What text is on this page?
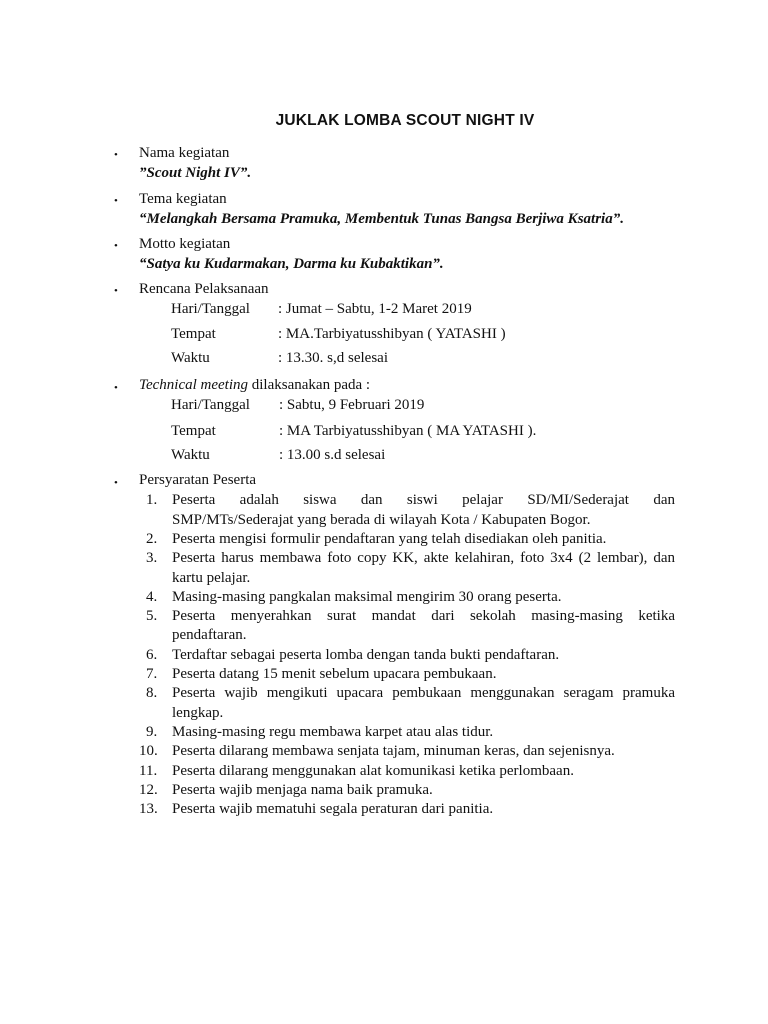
JUKLAK LOMBA SCOUT NIGHT IV
• Nama kegiatan
”Scout Night IV”.
• Tema kegiatan
“Melangkah Bersama Pramuka, Membentuk Tunas Bangsa Berjiwa Ksatria”.
• Motto kegiatan
“Satya ku Kudarmakan, Darma ku Kubaktikan”.
• Rencana Pelaksanaan
Hari/Tanggal : Jumat – Sabtu, 1-2 Maret 2019
Tempat	: MA.Tarbiyatusshibyan ( YATASHI )
Waktu	: 13.30. s,d selesai
• Technical meeting dilaksanakan pada :
Hari/Tanggal : Sabtu, 9 Februari 2019
Tempat	: MA Tarbiyatusshibyan ( MA YATASHI ).
Waktu	: 13.00 s.d selesai
• Persyaratan Peserta
1. Peserta adalah siswa dan siswi pelajar SD/MI/Sederajat dan
SMP/MTs/Sederajat yang berada di wilayah Kota / Kabupaten Bogor.
2. Peserta mengisi formulir pendaftaran yang telah disediakan oleh panitia.
3. Peserta harus membawa foto copy KK, akte kelahiran, foto 3x4 (2 lembar), dan
kartu pelajar.
4. Masing-masing pangkalan maksimal mengirim 30 orang peserta.
5. Peserta menyerahkan surat mandat dari sekolah masing-masing ketika
pendaftaran.
6. Terdaftar sebagai peserta lomba dengan tanda bukti pendaftaran.
7. Peserta datang 15 menit sebelum upacara pembukaan.
8. Peserta wajib mengikuti upacara pembukaan menggunakan seragam pramuka
lengkap.
9. Masing-masing regu membawa karpet atau alas tidur.
10. Peserta dilarang membawa senjata tajam, minuman keras, dan sejenisnya.
11. Peserta dilarang menggunakan alat komunikasi ketika perlombaan.
12. Peserta wajib menjaga nama baik pramuka.
13. Peserta wajib mematuhi segala peraturan dari panitia.
